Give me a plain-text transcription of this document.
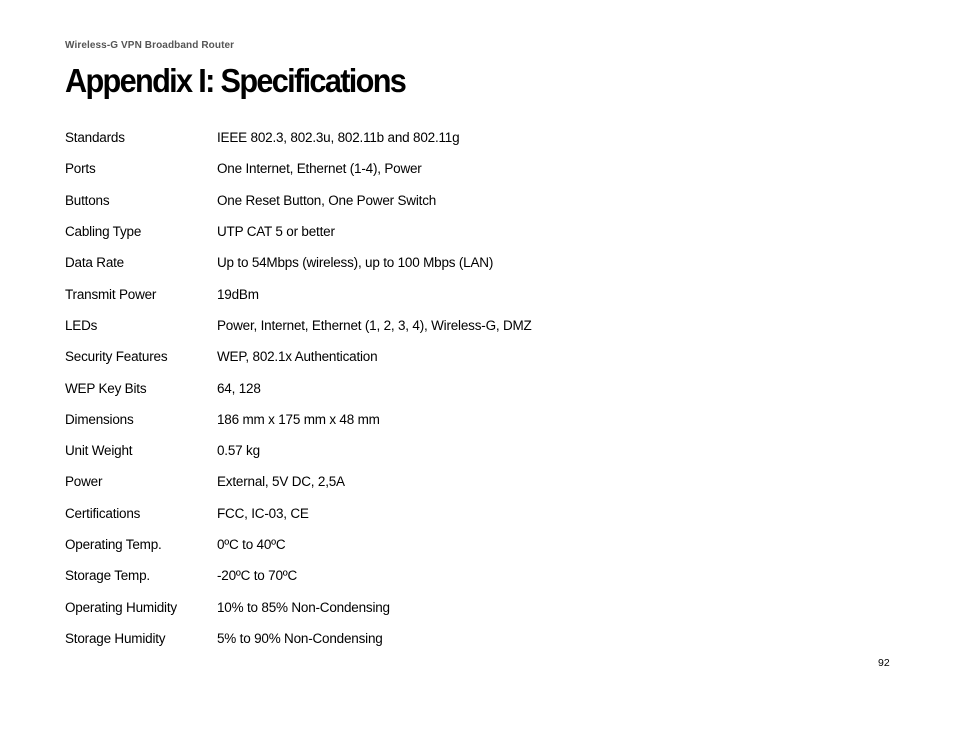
Wireless-G VPN Broadband Router
Appendix I: Specifications
Standards	IEEE 802.3, 802.3u, 802.11b and 802.11g
Ports	One Internet, Ethernet (1-4), Power
Buttons	One Reset Button, One Power Switch
Cabling Type	UTP CAT 5 or better
Data Rate	Up to 54Mbps (wireless), up to 100 Mbps (LAN)
Transmit Power	19dBm
LEDs	Power, Internet, Ethernet (1, 2, 3, 4), Wireless-G, DMZ
Security Features	WEP, 802.1x Authentication
WEP Key Bits	64, 128
Dimensions	186 mm x 175 mm x 48 mm
Unit Weight	0.57 kg
Power	External, 5V DC, 2,5A
Certifications	FCC, IC-03, CE
Operating Temp.	0ºC to 40ºC
Storage Temp.	-20ºC to 70ºC
Operating Humidity	10% to 85% Non-Condensing
Storage Humidity	5% to 90% Non-Condensing
92
